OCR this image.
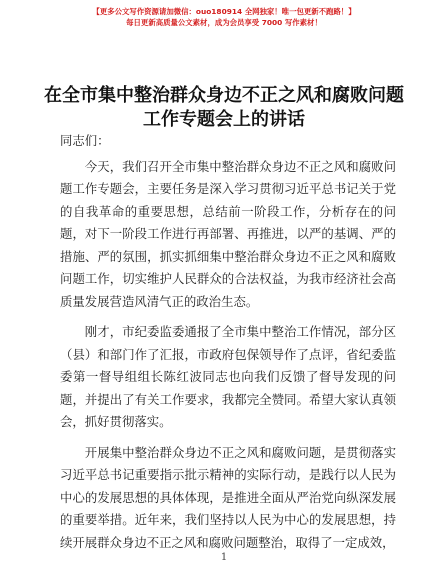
【更多公文写作资源请加微信：ouo180914 全网独家！唯一包更新不跑路！】
每日更新高质量公文素材，成为会员享受 7000 写作素材！
在全市集中整治群众身边不正之风和腐败问题
工作专题会上的讲话

同志们：

今天，我们召开全市集中整治群众身边不正之风和腐败问题工作专题会，主要任务是深入学习贯彻习近平总书记关于党的自我革命的重要思想，总结前一阶段工作，分析存在的问题，对下一阶段工作进行再部署、再推进，以严的基调、严的措施、严的氛围，抓实抓细集中整治群众身边不正之风和腐败问题工作，切实维护人民群众的合法权益，为我市经济社会高质量发展营造风清气正的政治生态。

刚才，市纪委监委通报了全市集中整治工作情况，部分区（县）和部门作了汇报，市政府包保领导作了点评，省纪委监委第一督导组组长陈红波同志也向我们反馈了督导发现的问题，并提出了有关工作要求，我都完全赞同。希望大家认真领会，抓好贯彻落实。

开展集中整治群众身边不正之风和腐败问题，是贯彻落实习近平总书记重要指示批示精神的实际行动，是践行以人民为中心的发展思想的具体体现，是推进全面从严治党向纵深发展的重要举措。近年来，我们坚持以人民为中心的发展思想，持续开展群众身边不正之风和腐败问题整治，取得了一定成效，

1
